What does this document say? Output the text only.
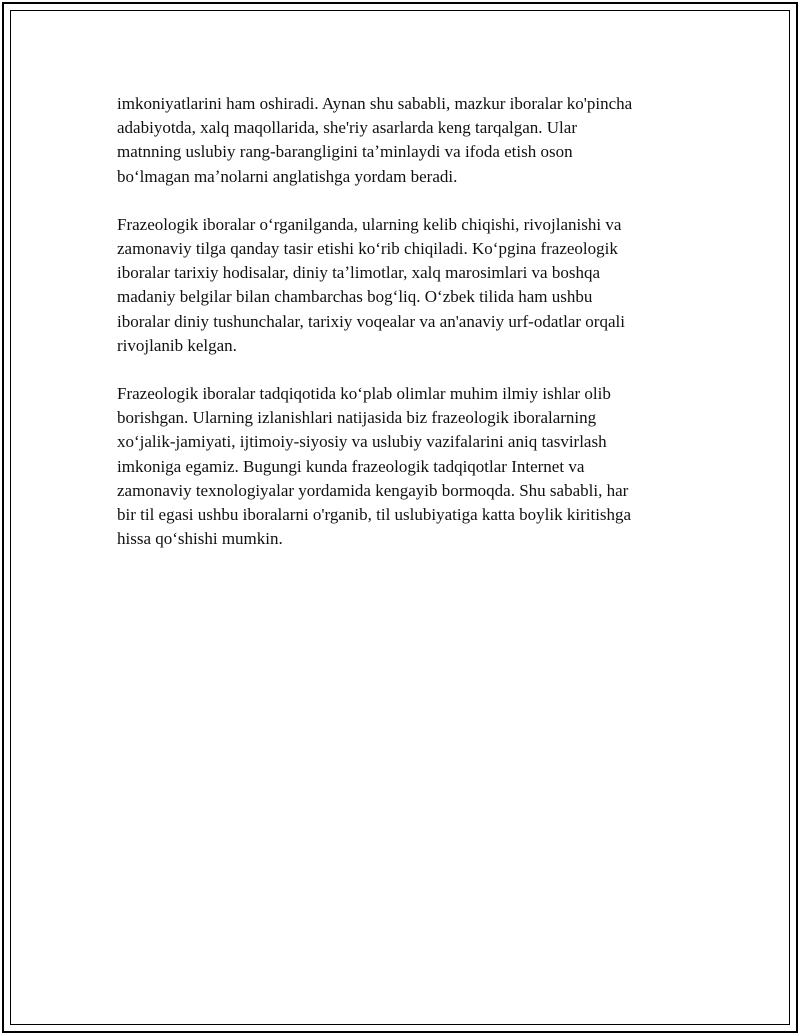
imkoniyatlarini ham oshiradi. Aynan shu sababli, mazkur iboralar ko'pincha
adabiyotda, xalq maqollarida, she'riy asarlarda keng tarqalgan. Ular
matnning uslubiy rang-barangligini taʼminlaydi va ifoda etish oson
boʻlmagan maʼnolarni anglatishga yordam beradi.

Frazeologik iboralar oʻrganilganda, ularning kelib chiqishi, rivojlanishi va
zamonaviy tilga qanday tasir etishi koʻrib chiqiladi. Koʻpgina frazeologik
iboralar tarixiy hodisalar, diniy taʼlimotlar, xalq marosimlari va boshqa
madaniy belgilar bilan chambarchas bogʻliq. Oʻzbek tilida ham ushbu
iboralar diniy tushunchalar, tarixiy voqealar va an'anaviy urf-odatlar orqali
rivojlanib kelgan.

Frazeologik iboralar tadqiqotida koʻplab olimlar muhim ilmiy ishlar olib
borishgan. Ularning izlanishlari natijasida biz frazeologik iboralarning
xoʻjalik-jamiyati, ijtimoiy-siyosiy va uslubiy vazifalarini aniq tasvirlash
imkoniga egamiz. Bugungi kunda frazeologik tadqiqotlar Internet va
zamonaviy texnologiyalar yordamida kengayib bormoqda. Shu sababli, har
bir til egasi ushbu iboralarni o'rganib, til uslubiyatiga katta boylik kiritishga
hissa qoʻshishi mumkin.
